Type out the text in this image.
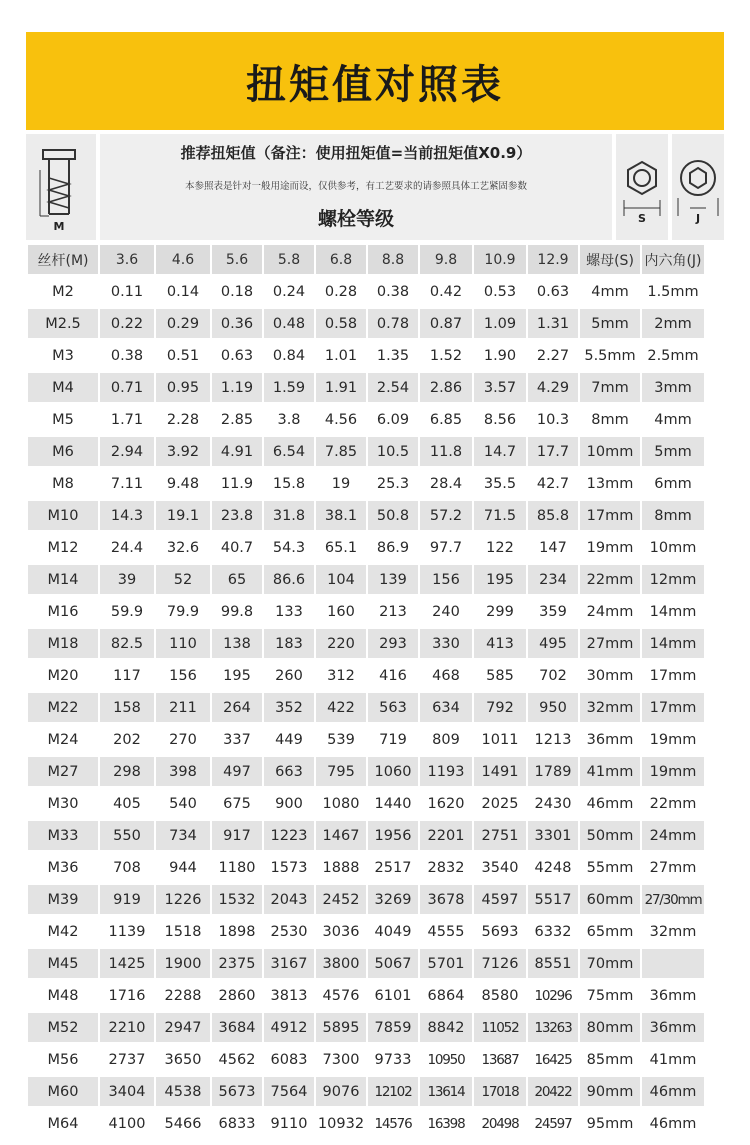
扭矩值对照表
M
推荐扭矩值（备注：使用扭矩值=当前扭矩值X0.9）
本参照表是针对一般用途而设，仅供参考，有工艺要求的请参照具体工艺紧固参数
螺栓等级	S	J
丝杆(M)	3.6	4.6	5.6	5.8	6.8	8.8	9.8	10.9	12.9	螺母(S)	内六角(J)
M2	0.11	0.14	0.18	0.24	0.28	0.38	0.42	0.53	0.63	4mm	1.5mm
M2.5	0.22	0.29	0.36	0.48	0.58	0.78	0.87	1.09	1.31	5mm	2mm
M3	0.38	0.51	0.63	0.84	1.01	1.35	1.52	1.90	2.27	5.5mm	2.5mm
M4	0.71	0.95	1.19	1.59	1.91	2.54	2.86	3.57	4.29	7mm	3mm
M5	1.71	2.28	2.85	3.8	4.56	6.09	6.85	8.56	10.3	8mm	4mm
M6	2.94	3.92	4.91	6.54	7.85	10.5	11.8	14.7	17.7	10mm	5mm
M8	7.11	9.48	11.9	15.8	19	25.3	28.4	35.5	42.7	13mm	6mm
M10	14.3	19.1	23.8	31.8	38.1	50.8	57.2	71.5	85.8	17mm	8mm
M12	24.4	32.6	40.7	54.3	65.1	86.9	97.7	122	147	19mm	10mm
M14	39	52	65	86.6	104	139	156	195	234	22mm	12mm
M16	59.9	79.9	99.8	133	160	213	240	299	359	24mm	14mm
M18	82.5	110	138	183	220	293	330	413	495	27mm	14mm
M20	117	156	195	260	312	416	468	585	702	30mm	17mm
M22	158	211	264	352	422	563	634	792	950	32mm	17mm
M24	202	270	337	449	539	719	809	1011	1213	36mm	19mm
M27	298	398	497	663	795	1060	1193	1491	1789	41mm	19mm
M30	405	540	675	900	1080	1440	1620	2025	2430	46mm	22mm
M33	550	734	917	1223	1467	1956	2201	2751	3301	50mm	24mm
M36	708	944	1180	1573	1888	2517	2832	3540	4248	55mm	27mm
M39	919	1226	1532	2043	2452	3269	3678	4597	5517	60mm	27/30mm
M42	1139	1518	1898	2530	3036	4049	4555	5693	6332	65mm	32mm
M45	1425	1900	2375	3167	3800	5067	5701	7126	8551	70mm	
M48	1716	2288	2860	3813	4576	6101	6864	8580	10296	75mm	36mm
M52	2210	2947	3684	4912	5895	7859	8842	11052	13263	80mm	36mm
M56	2737	3650	4562	6083	7300	9733	10950	13687	16425	85mm	41mm
M60	3404	4538	5673	7564	9076	12102	13614	17018	20422	90mm	46mm
M64	4100	5466	6833	9110	10932	14576	16398	20498	24597	95mm	46mm
